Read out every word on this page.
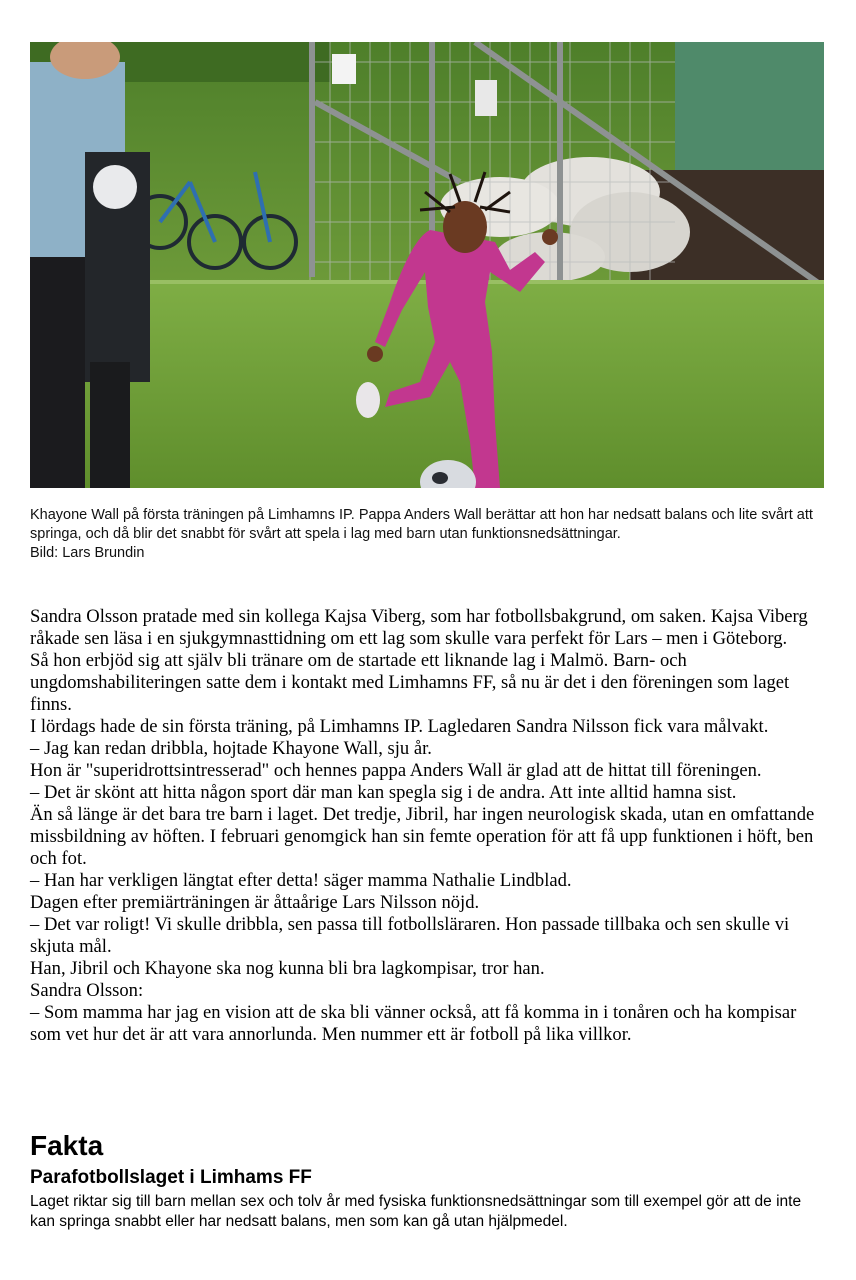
Khayone Wall på första träningen på Limhamns IP. Pappa Anders Wall berättar att hon har nedsatt balans och lite svårt att springa, och då blir det snabbt för svårt att spela i lag med barn utan funktionsnedsättningar.

Bild: Lars Brundin

Sandra Olsson pratade med sin kollega Kajsa Viberg, som har fotbollsbakgrund, om saken. Kajsa Viberg råkade sen läsa i en sjukgymnasttidning om ett lag som skulle vara perfekt för Lars – men i Göteborg.

Så hon erbjöd sig att själv bli tränare om de startade ett liknande lag i Malmö. Barn- och ungdomshabiliteringen satte dem i kontakt med Limhamns FF, så nu är det i den föreningen som laget finns.

I lördags hade de sin första träning, på Limhamns IP. Lagledaren Sandra Nilsson fick vara målvakt.

– Jag kan redan dribbla, hojtade Khayone Wall, sju år.

Hon är "superidrottsintresserad" och hennes pappa Anders Wall är glad att de hittat till föreningen.

– Det är skönt att hitta någon sport där man kan spegla sig i de andra. Att inte alltid hamna sist.

Än så länge är det bara tre barn i laget. Det tredje, Jibril, har ingen neurologisk skada, utan en omfattande missbildning av höften. I februari genomgick han sin femte operation för att få upp funktionen i höft, ben och fot.

– Han har verkligen längtat efter detta! säger mamma Nathalie Lindblad.

Dagen efter premiärträningen är åttaårige Lars Nilsson nöjd.

– Det var roligt! Vi skulle dribbla, sen passa till fotbollsläraren. Hon passade tillbaka och sen skulle vi skjuta mål.

Han, Jibril och Khayone ska nog kunna bli bra lagkompisar, tror han.

Sandra Olsson:

– Som mamma har jag en vision att de ska bli vänner också, att få komma in i tonåren och ha kompisar som vet hur det är att vara annorlunda. Men nummer ett är fotboll på lika villkor.

Fakta
Parafotbollslaget i Limhams FF

Laget riktar sig till barn mellan sex och tolv år med fysiska funktionsnedsättningar som till exempel gör att de inte kan springa snabbt eller har nedsatt balans, men som kan gå utan hjälpmedel.
